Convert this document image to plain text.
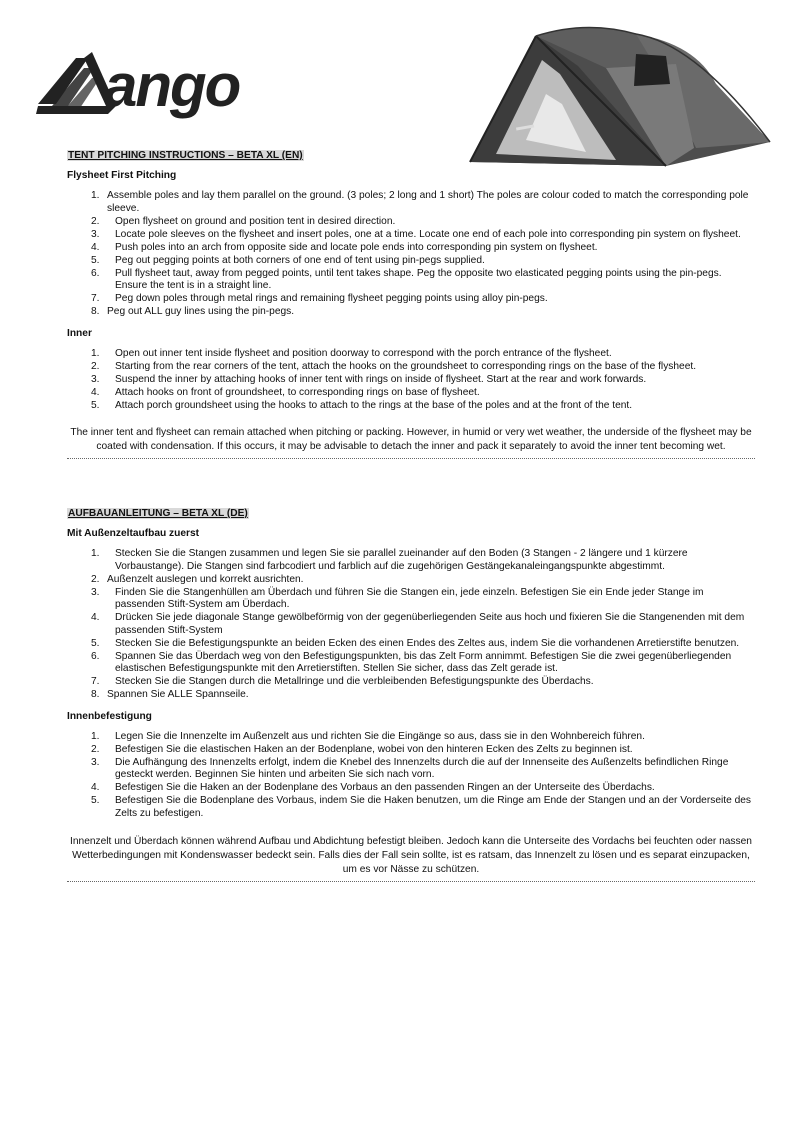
ango
TENT PITCHING INSTRUCTIONS – BETA XL (EN)
Flysheet First Pitching
1. Assemble poles and lay them parallel on the ground. (3 poles; 2 long and 1 short) The poles are colour coded to match the corresponding pole sleeve.
2. Open flysheet on ground and position tent in desired direction.
3. Locate pole sleeves on the flysheet and insert poles, one at a time. Locate one end of each pole into corresponding pin system on flysheet.
4. Push poles into an arch from opposite side and locate pole ends into corresponding pin system on flysheet.
5. Peg out pegging points at both corners of one end of tent using pin-pegs supplied.
6. Pull flysheet taut, away from pegged points, until tent takes shape. Peg the opposite two elasticated pegging points using the pin-pegs. Ensure the tent is in a straight line.
7. Peg down poles through metal rings and remaining flysheet pegging points using alloy pin-pegs.
8. Peg out ALL guy lines using the pin-pegs.
Inner
1. Open out inner tent inside flysheet and position doorway to correspond with the porch entrance of the flysheet.
2. Starting from the rear corners of the tent, attach the hooks on the groundsheet to corresponding rings on the base of the flysheet.
3. Suspend the inner by attaching hooks of inner tent with rings on inside of flysheet. Start at the rear and work forwards.
4. Attach hooks on front of groundsheet, to corresponding rings on base of flysheet.
5. Attach porch groundsheet using the hooks to attach to the rings at the base of the poles and at the front of the tent.

The inner tent and flysheet can remain attached when pitching or packing. However, in humid or very wet weather, the underside of the flysheet may be coated with condensation. If this occurs, it may be advisable to detach the inner and pack it separately to avoid the inner tent becoming wet.

AUFBAUANLEITUNG – BETA XL (DE)
Mit Außenzeltaufbau zuerst
1. Stecken Sie die Stangen zusammen und legen Sie sie parallel zueinander auf den Boden (3 Stangen - 2 längere und 1 kürzere Vorbaustange). Die Stangen sind farbcodiert und farblich auf die zugehörigen Gestängekanaleingangspunkte abgestimmt.
2. Außenzelt auslegen und korrekt ausrichten.
3. Finden Sie die Stangenhüllen am Überdach und führen Sie die Stangen ein, jede einzeln. Befestigen Sie ein Ende jeder Stange im passenden Stift-System am Überdach.
4. Drücken Sie jede diagonale Stange gewölbeförmig von der gegenüberliegenden Seite aus hoch und fixieren Sie die Stangenenden mit dem passenden Stift-System
5. Stecken Sie die Befestigungspunkte an beiden Ecken des einen Endes des Zeltes aus, indem Sie die vorhandenen Arretierstifte benutzen.
6. Spannen Sie das Überdach weg von den Befestigungspunkten, bis das Zelt Form annimmt. Befestigen Sie die zwei gegenüberliegenden elastischen Befestigungspunkte mit den Arretierstiften. Stellen Sie sicher, dass das Zelt gerade ist.
7. Stecken Sie die Stangen durch die Metallringe und die verbleibenden Befestigungspunkte des Überdachs.
8. Spannen Sie ALLE Spannseile.
Innenbefestigung
1. Legen Sie die Innenzelte im Außenzelt aus und richten Sie die Eingänge so aus, dass sie in den Wohnbereich führen.
2. Befestigen Sie die elastischen Haken an der Bodenplane, wobei von den hinteren Ecken des Zelts zu beginnen ist.
3. Die Aufhängung des Innenzelts erfolgt, indem die Knebel des Innenzelts durch die auf der Innenseite des Außenzelts befindlichen Ringe gesteckt werden. Beginnen Sie hinten und arbeiten Sie sich nach vorn.
4. Befestigen Sie die Haken an der Bodenplane des Vorbaus an den passenden Ringen an der Unterseite des Überdachs.
5. Befestigen Sie die Bodenplane des Vorbaus, indem Sie die Haken benutzen, um die Ringe am Ende der Stangen und an der Vorderseite des Zelts zu befestigen.

Innenzelt und Überdach können während Aufbau und Abdichtung befestigt bleiben. Jedoch kann die Unterseite des Vordachs bei feuchten oder nassen Wetterbedingungen mit Kondenswasser bedeckt sein. Falls dies der Fall sein sollte, ist es ratsam, das Innenzelt zu lösen und es separat einzupacken, um es vor Nässe zu schützen.
